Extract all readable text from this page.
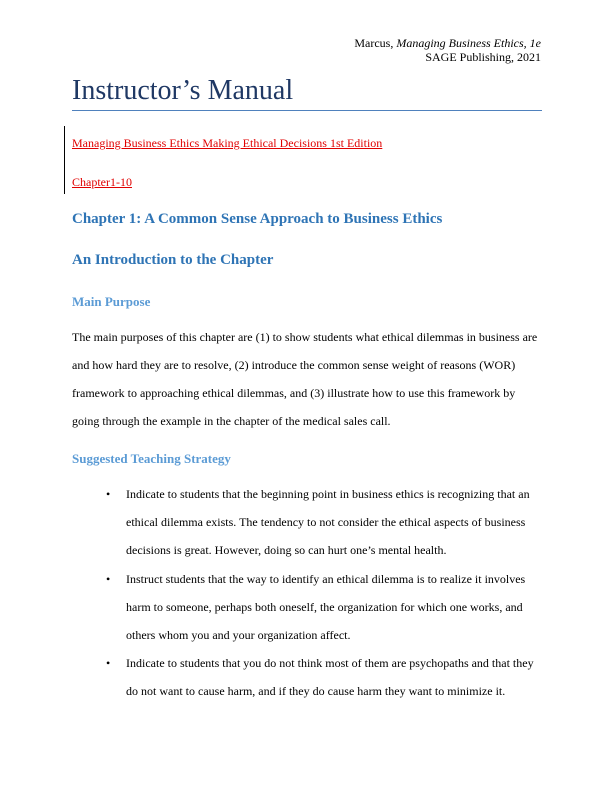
Marcus, Managing Business Ethics, 1e
SAGE Publishing, 2021
Instructor’s Manual
Managing Business Ethics Making Ethical Decisions 1st Edition
Chapter1-10
Chapter 1: A Common Sense Approach to Business Ethics
An Introduction to the Chapter
Main Purpose

The main purposes of this chapter are (1) to show students what ethical dilemmas in business are and how hard they are to resolve, (2) introduce the common sense weight of reasons (WOR) framework to approaching ethical dilemmas, and (3) illustrate how to use this framework by going through the example in the chapter of the medical sales call.

Suggested Teaching Strategy
• Indicate to students that the beginning point in business ethics is recognizing that an ethical dilemma exists. The tendency to not consider the ethical aspects of business decisions is great. However, doing so can hurt one’s mental health.
• Instruct students that the way to identify an ethical dilemma is to realize it involves harm to someone, perhaps both oneself, the organization for which one works, and others whom you and your organization affect.
• Indicate to students that you do not think most of them are psychopaths and that they do not want to cause harm, and if they do cause harm they want to minimize it.
